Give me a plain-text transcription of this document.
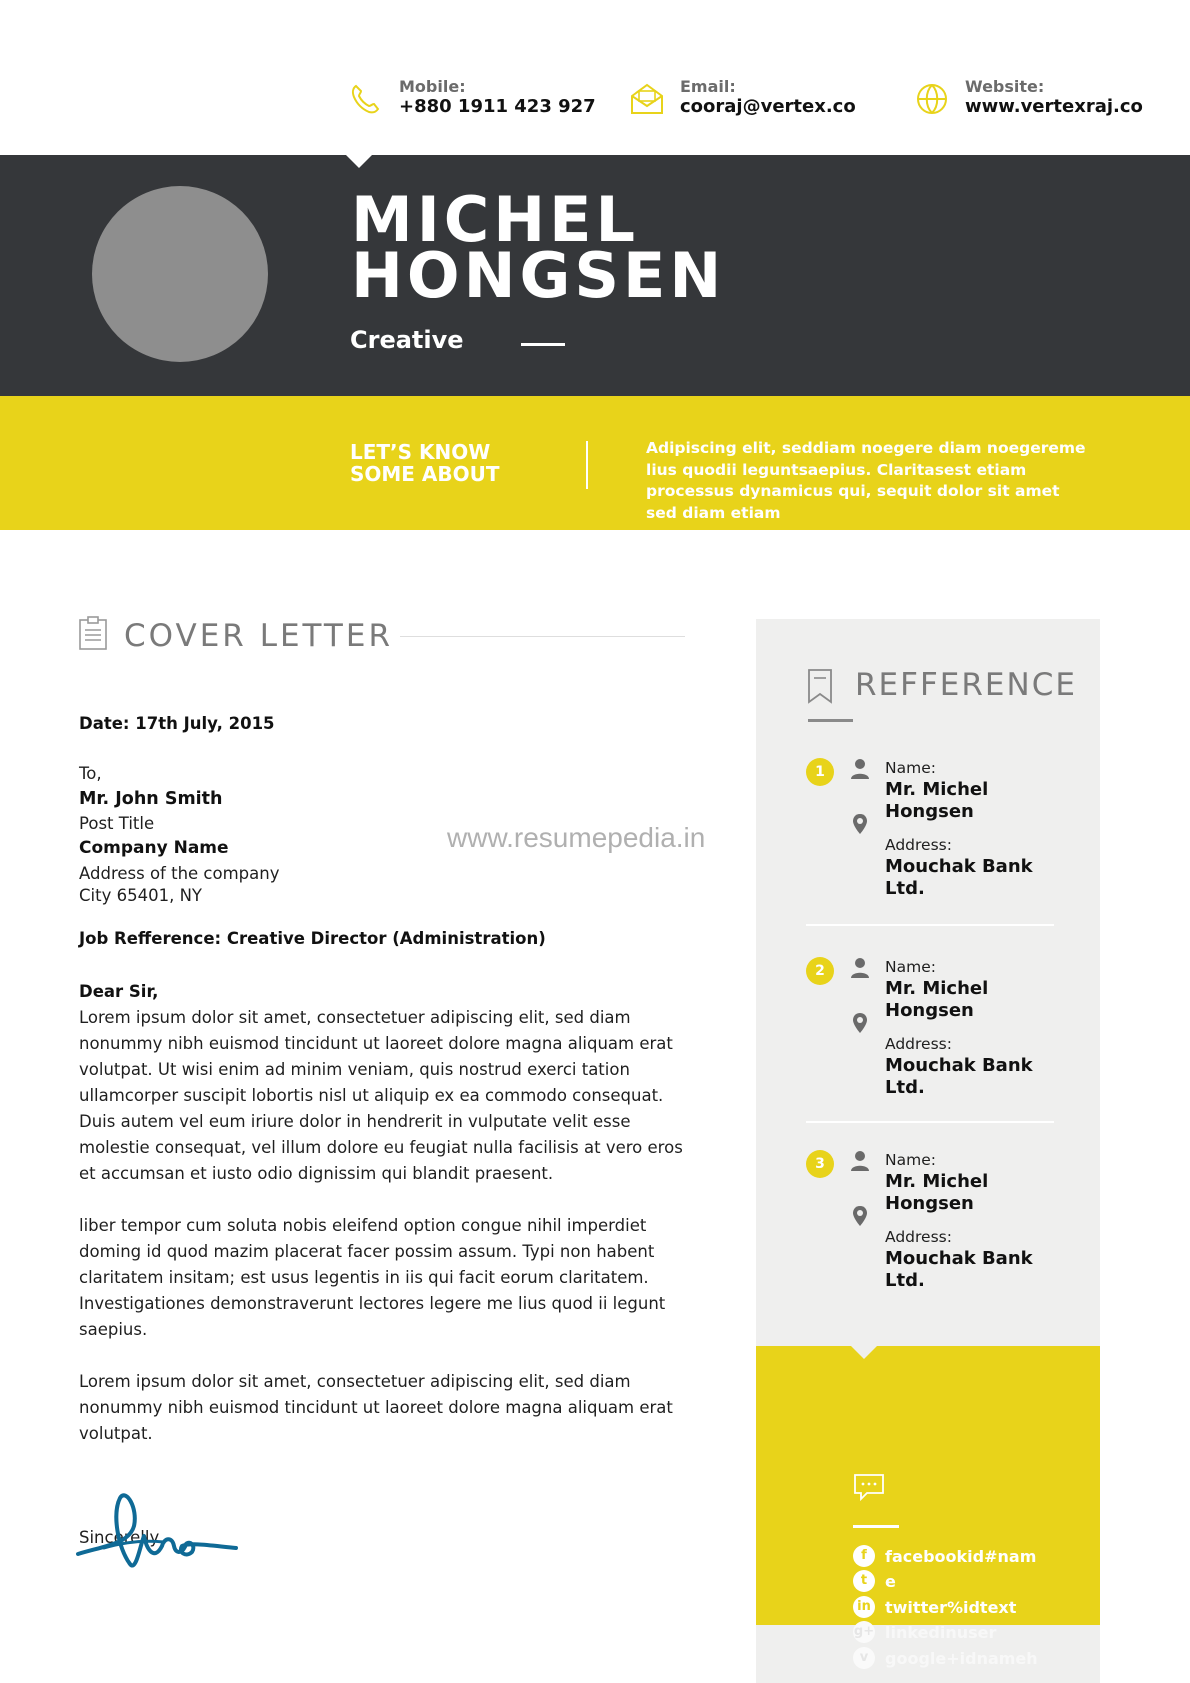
Mobile:
+880 1911 423 927
Email:
cooraj@vertex.co
Website:
www.vertexraj.co
MICHEL
HONGSEN
Creative
LET’S KNOW
SOME ABOUT
Adipiscing elit, seddiam noegere diam noegereme lius quodii leguntsaepius. Claritasest etiam processus dynamicus qui, sequit dolor sit amet sed diam etiam
COVER LETTER
Date: 17th July, 2015
To,
Mr. John Smith
Post Title
Company Name
Address of the company
City 65401, NY
Job Refference: Creative Director (Administration)
Dear Sir,
Lorem ipsum dolor sit amet, consectetuer adipiscing elit, sed diam nonummy nibh euismod tincidunt ut laoreet dolore magna aliquam erat volutpat. Ut wisi enim ad minim veniam, quis nostrud exerci tation ullamcorper suscipit lobortis nisl ut aliquip ex ea commodo consequat. Duis autem vel eum iriure dolor in hendrerit in vulputate velit esse molestie consequat, vel illum dolore eu feugiat nulla facilisis at vero eros et accumsan et iusto odio dignissim qui blandit praesent.
liber tempor cum soluta nobis eleifend option congue nihil imperdiet doming id quod mazim placerat facer possim assum. Typi non habent claritatem insitam; est usus legentis in iis qui facit eorum claritatem. Investigationes demonstraverunt lectores legere me lius quod ii legunt saepius.
Lorem ipsum dolor sit amet, consectetuer adipiscing elit, sed diam nonummy nibh euismod tincidunt ut laoreet dolore magna aliquam erat volutpat.
www.resumepedia.in
Sincerelly
REFFERENCE
1	Name:
Mr. Michel Hongsen
Address:
Mouchak Bank Ltd.
2	Name:
Mr. Michel Hongsen
Address:
Mouchak Bank Ltd.
3	Name:
Mr. Michel Hongsen
Address:
Mouchak Bank Ltd.
f	facebookid#nam
t	e
in twitter%idtext
g+ linkedinuser
v	google+idnameh
